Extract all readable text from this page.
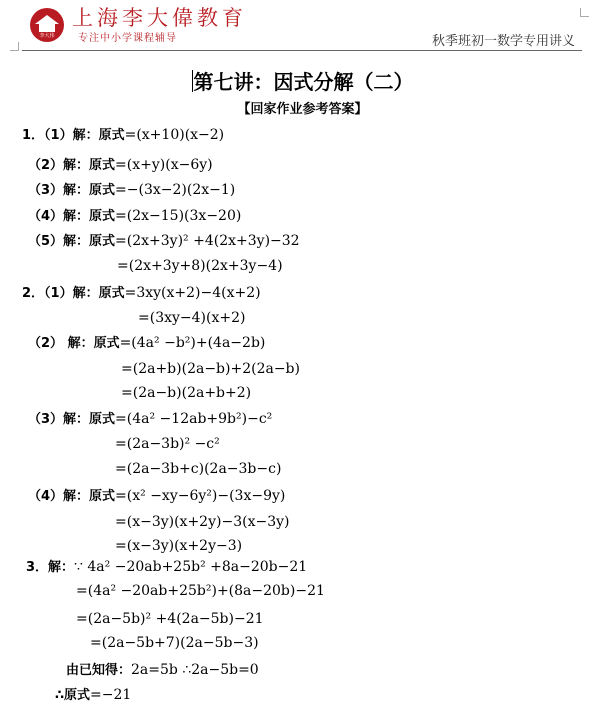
李大伟
上海李大偉教育
专注中小学课程辅导	秋季班初一数学专用讲义
第七讲：因式分解（二）
【回家作业参考答案】
1．（1）解：原式=(x+10)(x−2)
（2）解：原式=(x+y)(x−6y)
（3）解：原式=−(3x−2)(2x−1)
（4）解：原式=(2x−15)(3x−20)
（5）解：原式=(2x+3y)² +4(2x+3y)−32
=(2x+3y+8)(2x+3y−4)
2．（1）解：原式=3xy(x+2)−4(x+2)
=(3xy−4)(x+2)
（2） 解：原式=(4a² −b²)+(4a−2b)
=(2a+b)(2a−b)+2(2a−b)
=(2a−b)(2a+b+2)
（3）解：原式=(4a² −12ab+9b²)−c²
=(2a−3b)² −c²
=(2a−3b+c)(2a−3b−c)
（4）解：原式=(x² −xy−6y²)−(3x−9y)
=(x−3y)(x+2y)−3(x−3y)
=(x−3y)(x+2y−3)
3．解：∵ 4a² −20ab+25b² +8a−20b−21
=(4a² −20ab+25b²)+(8a−20b)−21
=(2a−5b)² +4(2a−5b)−21
=(2a−5b+7)(2a−5b−3)
由已知得：2a=5b ∴2a−5b=0
∴原式=−21
